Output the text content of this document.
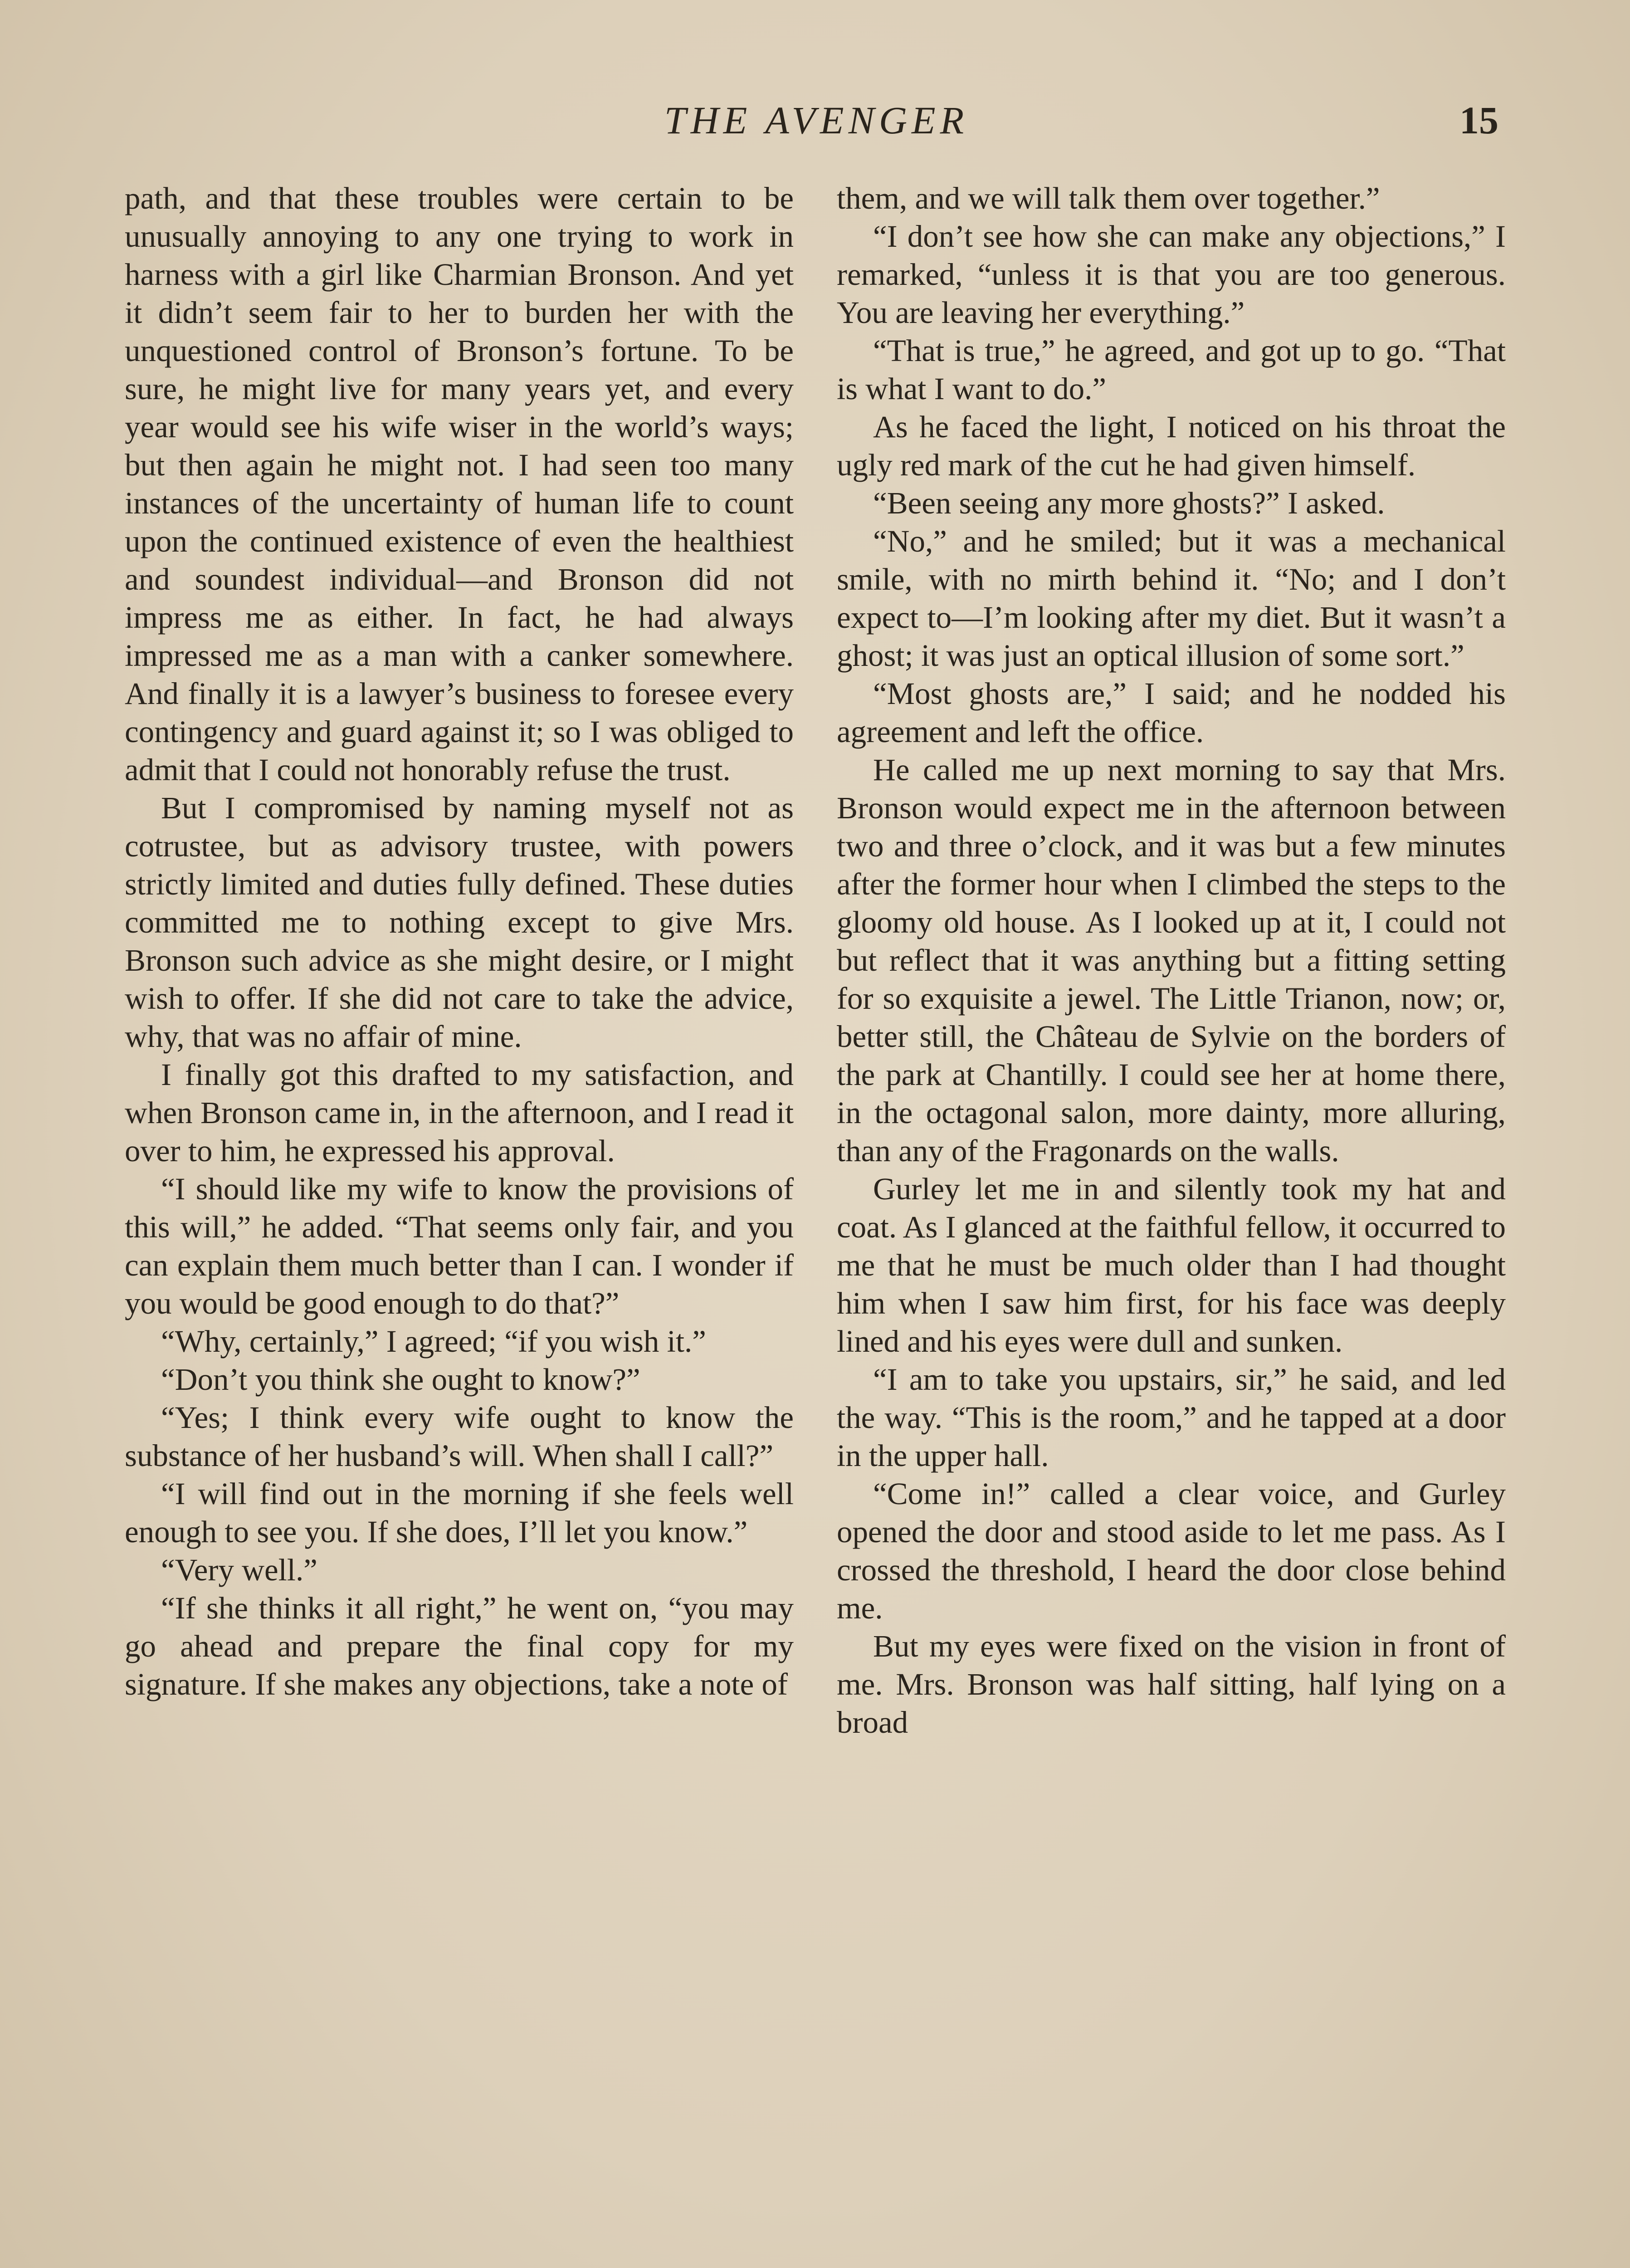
THE AVENGER	15

path, and that these troubles were certain to be unusually annoying to any one trying to work in harness with a girl like Charmian Bronson. And yet it didn’t seem fair to her to burden her with the unquestioned control of Bronson’s fortune. To be sure, he might live for many years yet, and every year would see his wife wiser in the world’s ways; but then again he might not. I had seen too many instances of the uncertainty of human life to count upon the continued existence of even the healthiest and soundest individual—and Bronson did not impress me as either. In fact, he had always impressed me as a man with a canker somewhere. And finally it is a lawyer’s business to foresee every contingency and guard against it; so I was obliged to admit that I could not honorably refuse the trust.

But I compromised by naming myself not as cotrustee, but as advisory trustee, with powers strictly limited and duties fully defined. These duties committed me to nothing except to give Mrs. Bronson such advice as she might desire, or I might wish to offer. If she did not care to take the advice, why, that was no affair of mine.

I finally got this drafted to my satisfaction, and when Bronson came in, in the afternoon, and I read it over to him, he expressed his approval.

“I should like my wife to know the provisions of this will,” he added. “That seems only fair, and you can explain them much better than I can. I wonder if you would be good enough to do that?”

“Why, certainly,” I agreed; “if you wish it.”

“Don’t you think she ought to know?”

“Yes; I think every wife ought to know the substance of her husband’s will. When shall I call?”

“I will find out in the morning if she feels well enough to see you. If she does, I’ll let you know.”

“Very well.”

“If she thinks it all right,” he went on, “you may go ahead and prepare the final copy for my signature. If she makes any objections, take a note of

them, and we will talk them over together.”

“I don’t see how she can make any objections,” I remarked, “unless it is that you are too generous. You are leaving her everything.”

“That is true,” he agreed, and got up to go. “That is what I want to do.”

As he faced the light, I noticed on his throat the ugly red mark of the cut he had given himself.

“Been seeing any more ghosts?” I asked.

“No,” and he smiled; but it was a mechanical smile, with no mirth behind it. “No; and I don’t expect to—I’m looking after my diet. But it wasn’t a ghost; it was just an optical illusion of some sort.”

“Most ghosts are,” I said; and he nodded his agreement and left the office.

He called me up next morning to say that Mrs. Bronson would expect me in the afternoon between two and three o’clock, and it was but a few minutes after the former hour when I climbed the steps to the gloomy old house. As I looked up at it, I could not but reflect that it was anything but a fitting setting for so exquisite a jewel. The Little Trianon, now; or, better still, the Château de Sylvie on the borders of the park at Chantilly. I could see her at home there, in the octagonal salon, more dainty, more alluring, than any of the Fragonards on the walls.

Gurley let me in and silently took my hat and coat. As I glanced at the faithful fellow, it occurred to me that he must be much older than I had thought him when I saw him first, for his face was deeply lined and his eyes were dull and sunken.

“I am to take you upstairs, sir,” he said, and led the way. “This is the room,” and he tapped at a door in the upper hall.

“Come in!” called a clear voice, and Gurley opened the door and stood aside to let me pass. As I crossed the threshold, I heard the door close behind me.

But my eyes were fixed on the vision in front of me. Mrs. Bronson was half sitting, half lying on a broad
